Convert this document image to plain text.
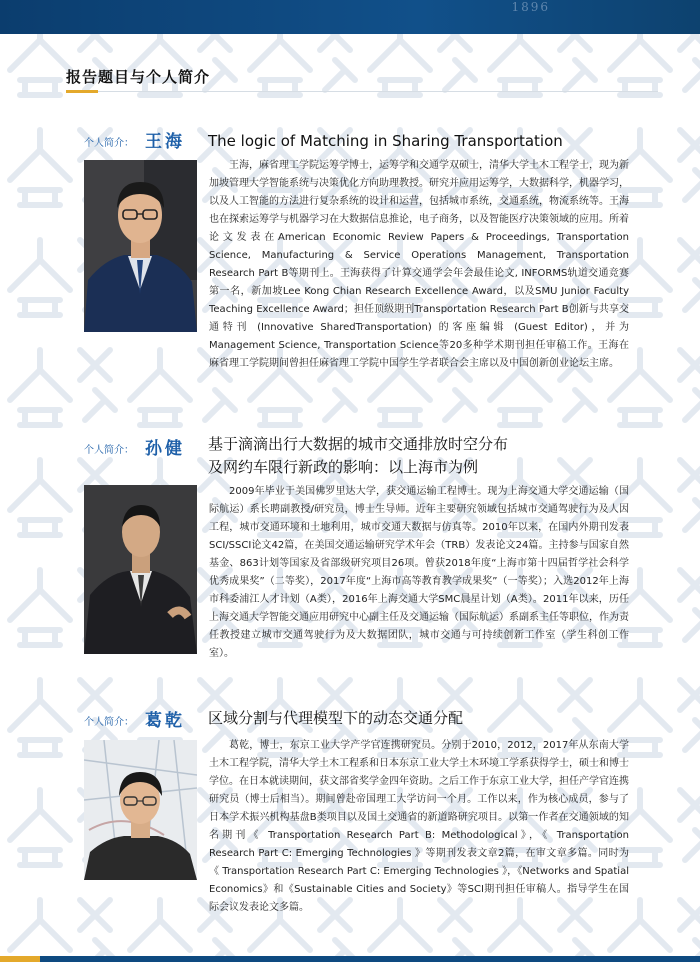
1896
报告题目与个人简介
个人简介： 王海 The logic of Matching in Sharing Transportation
王海，麻省理工学院运筹学博士，运筹学和交通学双硕士，清华大学土木工程学士，现为新加坡管理大学智能系统与决策优化方向助理教授。研究并应用运筹学，大数据科学，机器学习，以及人工智能的方法进行复杂系统的设计和运营，包括城市系统，交通系统，物流系统等。王海也在探索运筹学与机器学习在大数据信息推论，电子商务，以及智能医疗决策领域的应用。所着论文发表在American Economic Review Papers & Proceedings, Transportation Science, Manufacturing & Service Operations Management, Transportation Research Part B等期刊上。王海获得了计算交通学会年会最佳论文, INFORMS轨道交通竞赛第一名，新加坡Lee Kong Chian Research Excellence Award，以及SMU Junior Faculty Teaching Excellence Award；担任顶级期刊Transportation Research Part B创新与共享交通特刊 (Innovative SharedTransportation) 的客座编辑 (Guest Editor)，并为Management Science, Transportation Science等20多种学术期刊担任审稿工作。王海在麻省理工学院期间曾担任麻省理工学院中国学生学者联合会主席以及中国创新创业论坛主席。
个人简介： 孙健 基于滴滴出行大数据的城市交通排放时空分布
及网约车限行新政的影响：以上海市为例
2009年毕业于美国佛罗里达大学，获交通运输工程博士。现为上海交通大学交通运输（国际航运）系长聘副教授/研究员，博士生导师。近年主要研究领域包括城市交通驾驶行为及人因工程，城市交通环境和土地利用，城市交通大数据与仿真等。2010年以来，在国内外期刊发表SCI/SSCI论文42篇，在美国交通运输研究学术年会（TRB）发表论文24篇。主持参与国家自然基金、863计划等国家及省部级研究项目26项。曾获2018年度“上海市第十四届哲学社会科学优秀成果奖”（二等奖），2017年度“上海市高等教育教学成果奖”（一等奖）；入选2012年上海市科委浦江人才计划（A类），2016年上海交通大学SMC晨星计划（A类）。2011年以来，历任上海交通大学智能交通应用研究中心副主任及交通运输（国际航运）系副系主任等职位，作为责任教授建立城市交通驾驶行为及大数据团队，城市交通与可持续创新工作室（学生科创工作室）。
个人简介： 葛乾 区域分割与代理模型下的动态交通分配
葛乾，博士，东京工业大学产学官连携研究员。分别于2010，2012，2017年从东南大学土木工程学院，清华大学土木工程系和日本东京工业大学土木环境工学系获得学士，硕士和博士学位。在日本就读期间，获文部省奖学金四年资助。之后工作于东京工业大学，担任产学官连携研究员（博士后相当）。期间曾赴帝国理工大学访问一个月。工作以来，作为核心成员，参与了日本学术振兴机构基盘B类项目以及国土交通省的新道路研究项目。以第一作者在交通领域的知名期刊《 Transportation Research Part B: Methodological》，《 Transportation Research Part C: Emerging Technologies 》等期刊发表文章2篇，在审文章多篇。同时为《 Transportation Research Part C: Emerging Technologies 》，《Networks and Spatial Economics》和《Sustainable Cities and Society》等SCI期刊担任审稿人。指导学生在国际会议发表论文多篇。
